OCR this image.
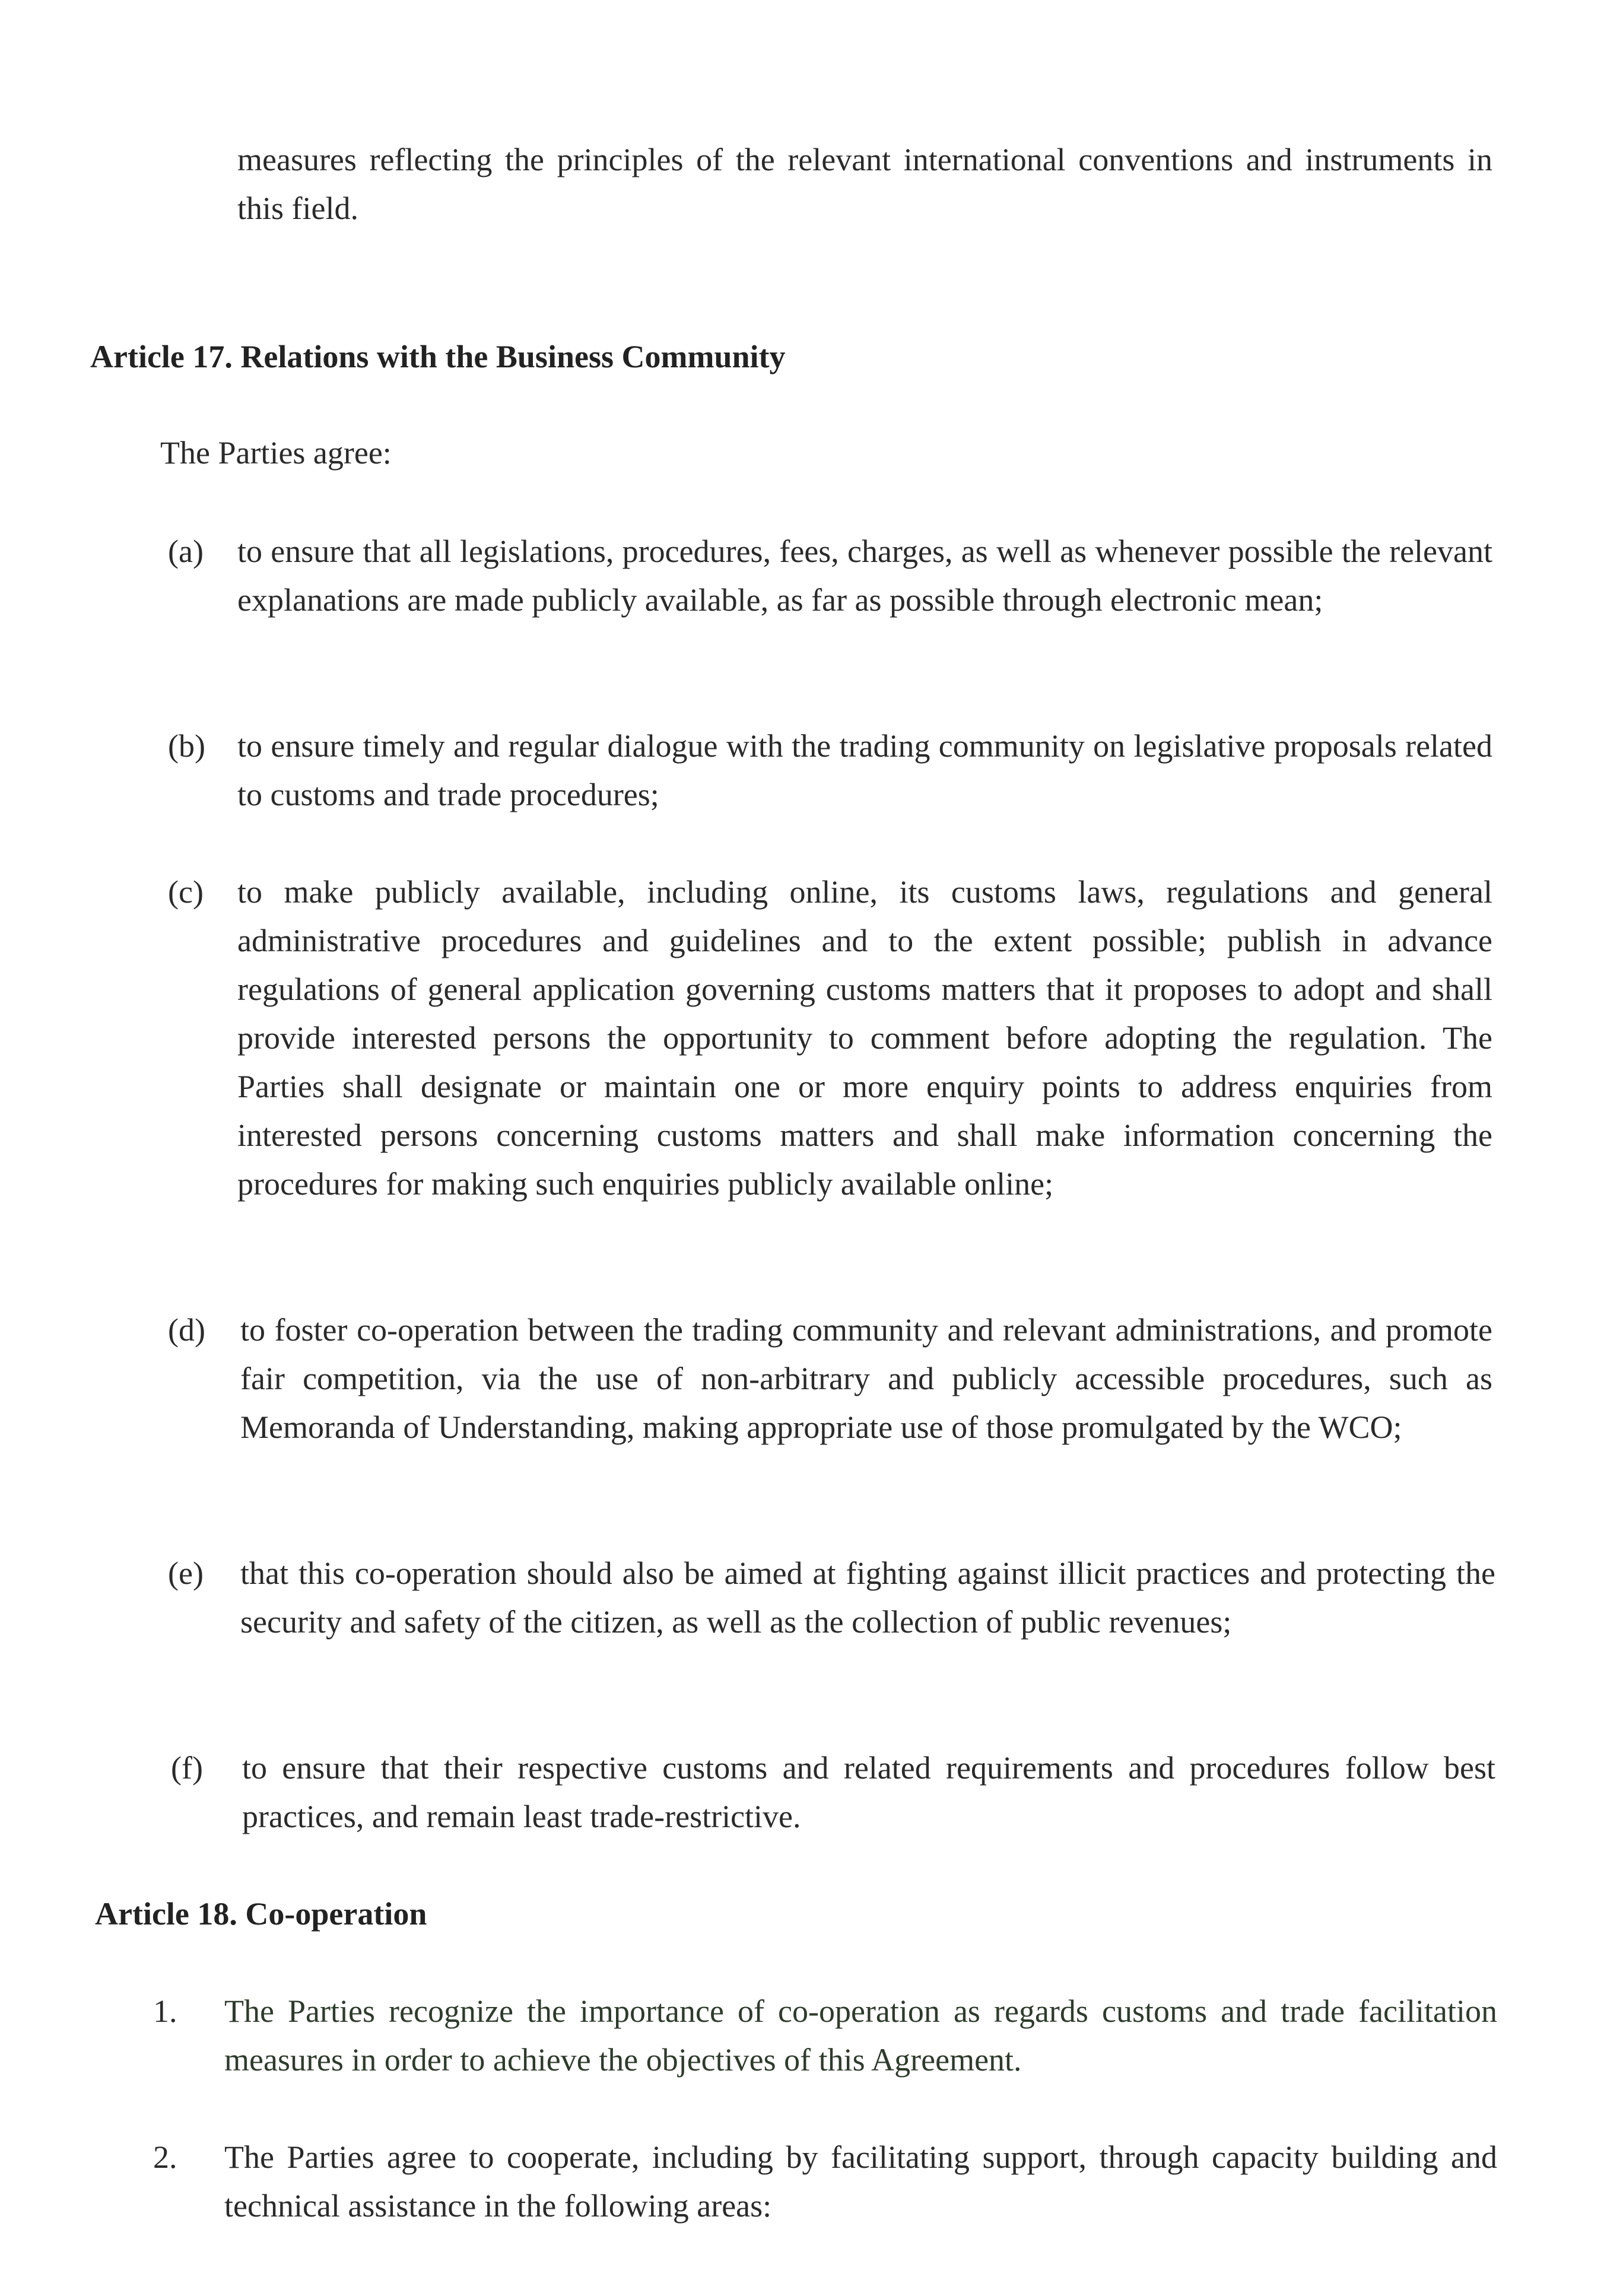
measures reflecting the principles of the relevant international conventions and instruments in this field.
Article 17. Relations with the Business Community
The Parties agree:
(a) to ensure that all legislations, procedures, fees, charges, as well as whenever possible the relevant explanations are made publicly available, as far as possible through electronic mean;
(b) to ensure timely and regular dialogue with the trading community on legislative proposals related to customs and trade procedures;
(c) to make publicly available, including online, its customs laws, regulations and general administrative procedures and guidelines and to the extent possible; publish in advance regulations of general application governing customs matters that it proposes to adopt and shall provide interested persons the opportunity to comment before adopting the regulation. The Parties shall designate or maintain one or more enquiry points to address enquiries from interested persons concerning customs matters and shall make information concerning the procedures for making such enquiries publicly available online;
(d) to foster co-operation between the trading community and relevant administrations, and promote fair competition, via the use of non-arbitrary and publicly accessible procedures, such as Memoranda of Understanding, making appropriate use of those promulgated by the WCO;
(e) that this co-operation should also be aimed at fighting against illicit practices and protecting the security and safety of the citizen, as well as the collection of public revenues;
(f) to ensure that their respective customs and related requirements and procedures follow best practices, and remain least trade-restrictive.
Article 18. Co-operation
1. The Parties recognize the importance of co-operation as regards customs and trade facilitation measures in order to achieve the objectives of this Agreement.
2. The Parties agree to cooperate, including by facilitating support, through capacity building and technical assistance in the following areas:
